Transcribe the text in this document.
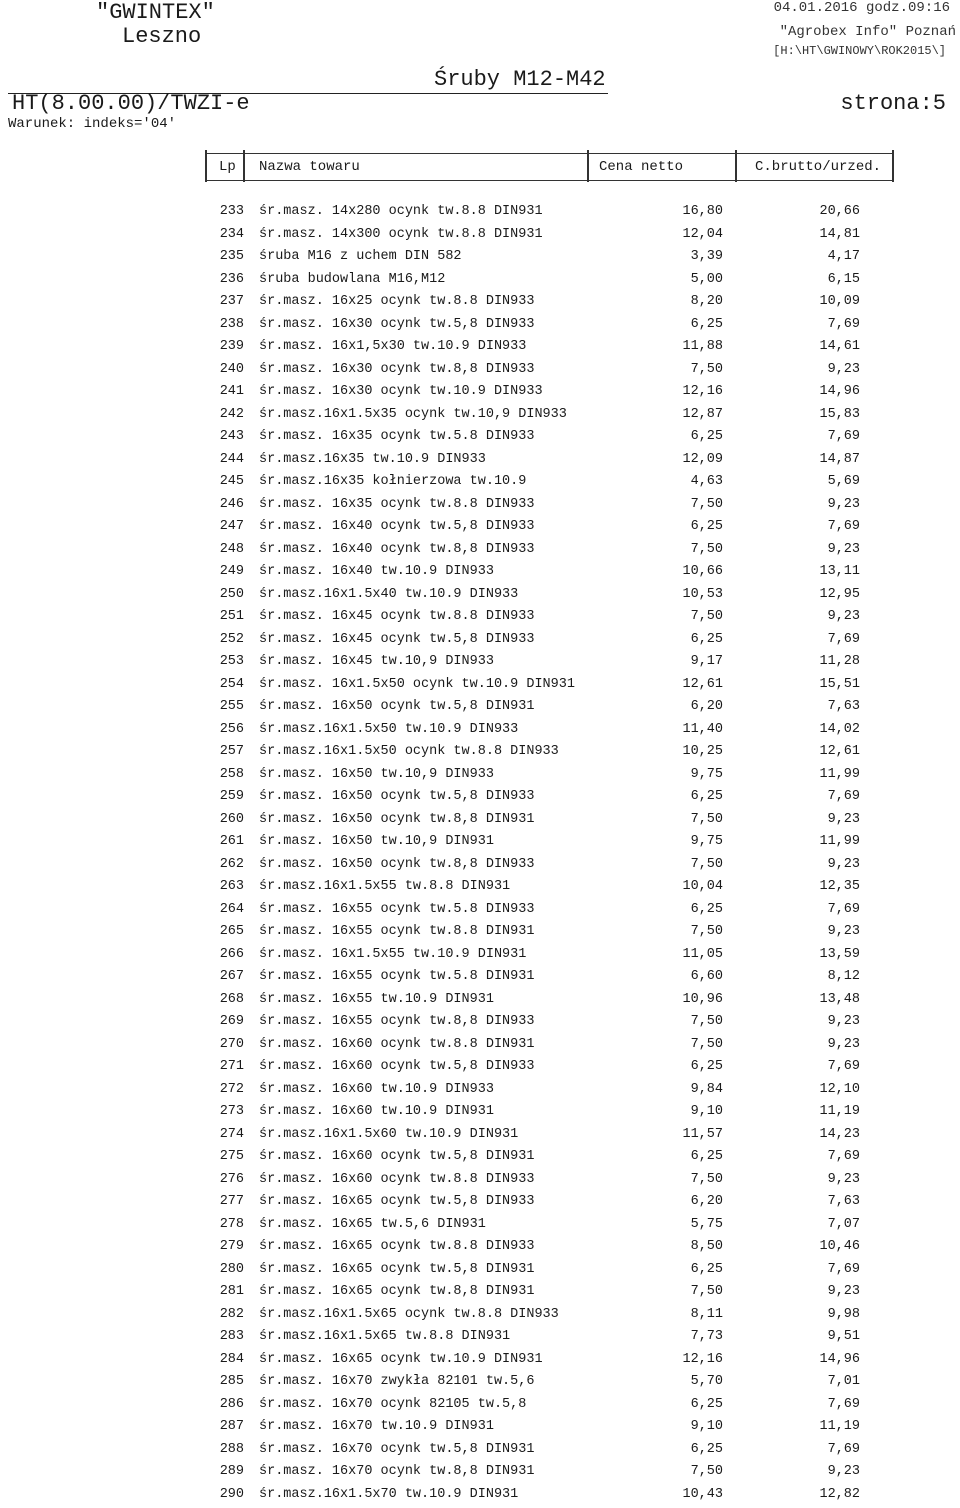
"GWINTEX"
Leszno
04.01.2016 godz.09:16
"Agrobex Info" Poznań
[H:\HT\GWINOWY\ROK2015\]
Śruby M12-M42
HT(8.00.00)/TWZI-e	strona:5
Warunek: indeks='04'
Lp Nazwa towaru	Cena netto	C.brutto/urzed.
233 śr.masz. 14x280 ocynk tw.8.8 DIN931	16,80	20,66
234 śr.masz. 14x300 ocynk tw.8.8 DIN931	12,04	14,81
235 śruba M16 z uchem DIN 582	3,39	4,17
236 śruba budowlana M16,M12	5,00	6,15
237 śr.masz. 16x25 ocynk tw.8.8 DIN933	8,20	10,09
238 śr.masz. 16x30 ocynk tw.5,8 DIN933	6,25	7,69
239 śr.masz. 16x1,5x30 tw.10.9 DIN933	11,88	14,61
240 śr.masz. 16x30 ocynk tw.8,8 DIN933	7,50	9,23
241 śr.masz. 16x30 ocynk tw.10.9 DIN933	12,16	14,96
242 śr.masz.16x1.5x35 ocynk tw.10,9 DIN933	12,87	15,83
243 śr.masz. 16x35 ocynk tw.5.8 DIN933	6,25	7,69
244 śr.masz.16x35 tw.10.9 DIN933	12,09	14,87
245 śr.masz.16x35 kołnierzowa tw.10.9	4,63	5,69
246 śr.masz. 16x35 ocynk tw.8.8 DIN933	7,50	9,23
247 śr.masz. 16x40 ocynk tw.5,8 DIN933	6,25	7,69
248 śr.masz. 16x40 ocynk tw.8,8 DIN933	7,50	9,23
249 śr.masz. 16x40 tw.10.9 DIN933	10,66	13,11
250 śr.masz.16x1.5x40 tw.10.9 DIN933	10,53	12,95
251 śr.masz. 16x45 ocynk tw.8.8 DIN933	7,50	9,23
252 śr.masz. 16x45 ocynk tw.5,8 DIN933	6,25	7,69
253 śr.masz. 16x45 tw.10,9 DIN933	9,17	11,28
254 śr.masz. 16x1.5x50 ocynk tw.10.9 DIN931	12,61	15,51
255 śr.masz. 16x50 ocynk tw.5,8 DIN931	6,20	7,63
256 śr.masz.16x1.5x50 tw.10.9 DIN933	11,40	14,02
257 śr.masz.16x1.5x50 ocynk tw.8.8 DIN933	10,25	12,61
258 śr.masz. 16x50 tw.10,9 DIN933	9,75	11,99
259 śr.masz. 16x50 ocynk tw.5,8 DIN933	6,25	7,69
260 śr.masz. 16x50 ocynk tw.8,8 DIN931	7,50	9,23
261 śr.masz. 16x50 tw.10,9 DIN931	9,75	11,99
262 śr.masz. 16x50 ocynk tw.8,8 DIN933	7,50	9,23
263 śr.masz.16x1.5x55 tw.8.8 DIN931	10,04	12,35
264 śr.masz. 16x55 ocynk tw.5.8 DIN933	6,25	7,69
265 śr.masz. 16x55 ocynk tw.8.8 DIN931	7,50	9,23
266 śr.masz. 16x1.5x55 tw.10.9 DIN931	11,05	13,59
267 śr.masz. 16x55 ocynk tw.5.8 DIN931	6,60	8,12
268 śr.masz. 16x55 tw.10.9 DIN931	10,96	13,48
269 śr.masz. 16x55 ocynk tw.8,8 DIN933	7,50	9,23
270 śr.masz. 16x60 ocynk tw.8.8 DIN931	7,50	9,23
271 śr.masz. 16x60 ocynk tw.5,8 DIN933	6,25	7,69
272 śr.masz. 16x60 tw.10.9 DIN933	9,84	12,10
273 śr.masz. 16x60 tw.10.9 DIN931	9,10	11,19
274 śr.masz.16x1.5x60 tw.10.9 DIN931	11,57	14,23
275 śr.masz. 16x60 ocynk tw.5,8 DIN931	6,25	7,69
276 śr.masz. 16x60 ocynk tw.8.8 DIN933	7,50	9,23
277 śr.masz. 16x65 ocynk tw.5,8 DIN933	6,20	7,63
278 śr.masz. 16x65 tw.5,6 DIN931	5,75	7,07
279 śr.masz. 16x65 ocynk tw.8.8 DIN933	8,50	10,46
280 śr.masz. 16x65 ocynk tw.5,8 DIN931	6,25	7,69
281 śr.masz. 16x65 ocynk tw.8,8 DIN931	7,50	9,23
282 śr.masz.16x1.5x65 ocynk tw.8.8 DIN933	8,11	9,98
283 śr.masz.16x1.5x65 tw.8.8 DIN931	7,73	9,51
284 śr.masz. 16x65 ocynk tw.10.9 DIN931	12,16	14,96
285 śr.masz. 16x70 zwykła 82101 tw.5,6	5,70	7,01
286 śr.masz. 16x70 ocynk 82105 tw.5,8	6,25	7,69
287 śr.masz. 16x70 tw.10.9 DIN931	9,10	11,19
288 śr.masz. 16x70 ocynk tw.5,8 DIN931	6,25	7,69
289 śr.masz. 16x70 ocynk tw.8,8 DIN931	7,50	9,23
290 śr.masz.16x1.5x70 tw.10.9 DIN931	10,43	12,82
